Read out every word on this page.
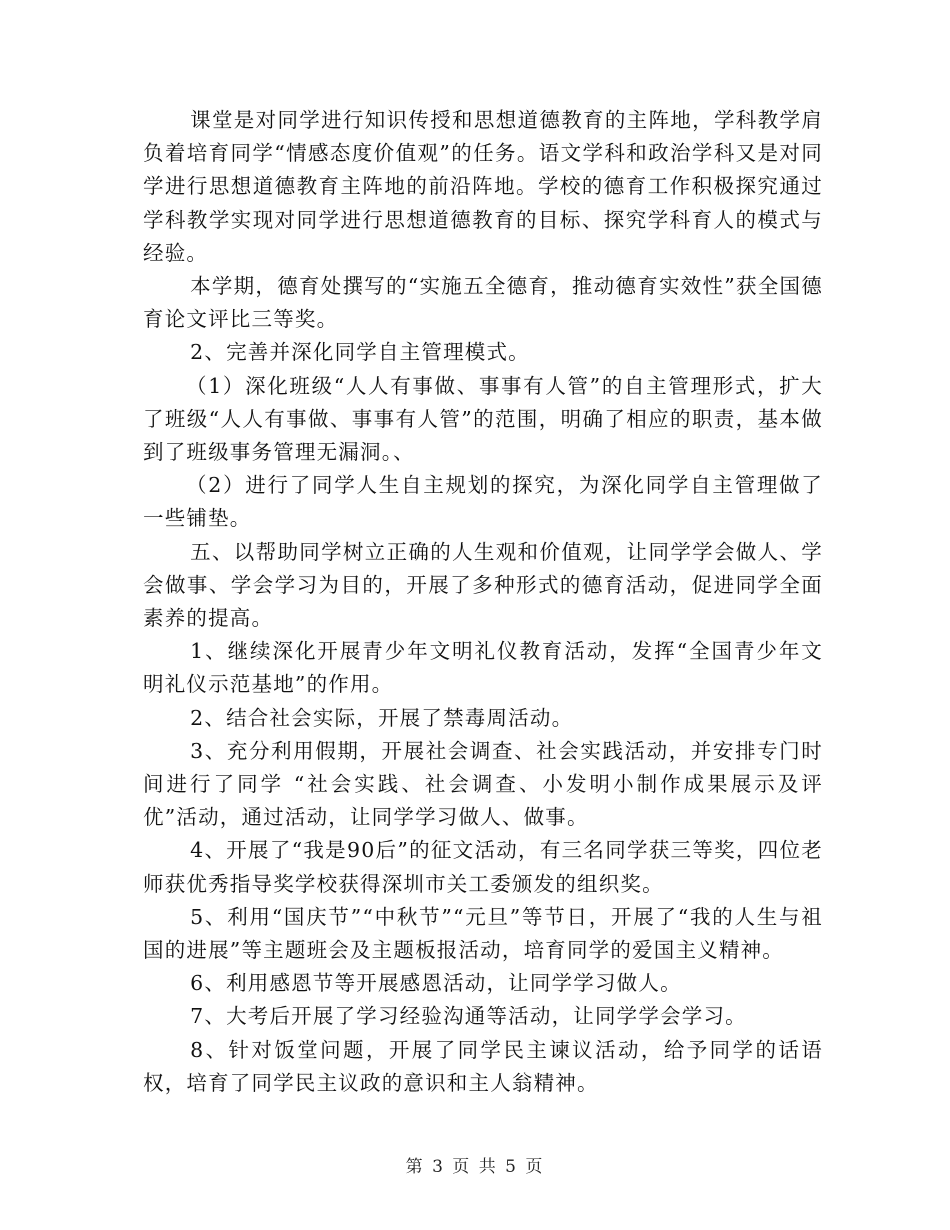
课堂是对同学进行知识传授和思想道德教育的主阵地，学科教学肩负着培育同学“情感态度价值观”的任务。语文学科和政治学科又是对同学进行思想道德教育主阵地的前沿阵地。学校的德育工作积极探究通过学科教学实现对同学进行思想道德教育的目标、探究学科育人的模式与经验。

本学期，德育处撰写的“实施五全德育，推动德育实效性”获全国德育论文评比三等奖。

2、完善并深化同学自主管理模式。

（1）深化班级“人人有事做、事事有人管”的自主管理形式，扩大了班级“人人有事做、事事有人管”的范围，明确了相应的职责，基本做到了班级事务管理无漏洞。、

（2）进行了同学人生自主规划的探究，为深化同学自主管理做了一些铺垫。

五、以帮助同学树立正确的人生观和价值观，让同学学会做人、学会做事、学会学习为目的，开展了多种形式的德育活动，促进同学全面素养的提高。

1、继续深化开展青少年文明礼仪教育活动，发挥“全国青少年文明礼仪示范基地”的作用。

2、结合社会实际，开展了禁毒周活动。

3、充分利用假期，开展社会调查、社会实践活动，并安排专门时间进行了同学 “社会实践、社会调查、小发明小制作成果展示及评优”活动，通过活动，让同学学习做人、做事。

4、开展了“我是90后”的征文活动，有三名同学获三等奖，四位老师获优秀指导奖学校获得深圳市关工委颁发的组织奖。

5、利用“国庆节”“中秋节”“元旦”等节日，开展了“我的人生与祖国的进展”等主题班会及主题板报活动，培育同学的爱国主义精神。

6、利用感恩节等开展感恩活动，让同学学习做人。

7、大考后开展了学习经验沟通等活动，让同学学会学习。

8、针对饭堂问题，开展了同学民主谏议活动，给予同学的话语权，培育了同学民主议政的意识和主人翁精神。

第 3 页 共 5 页
